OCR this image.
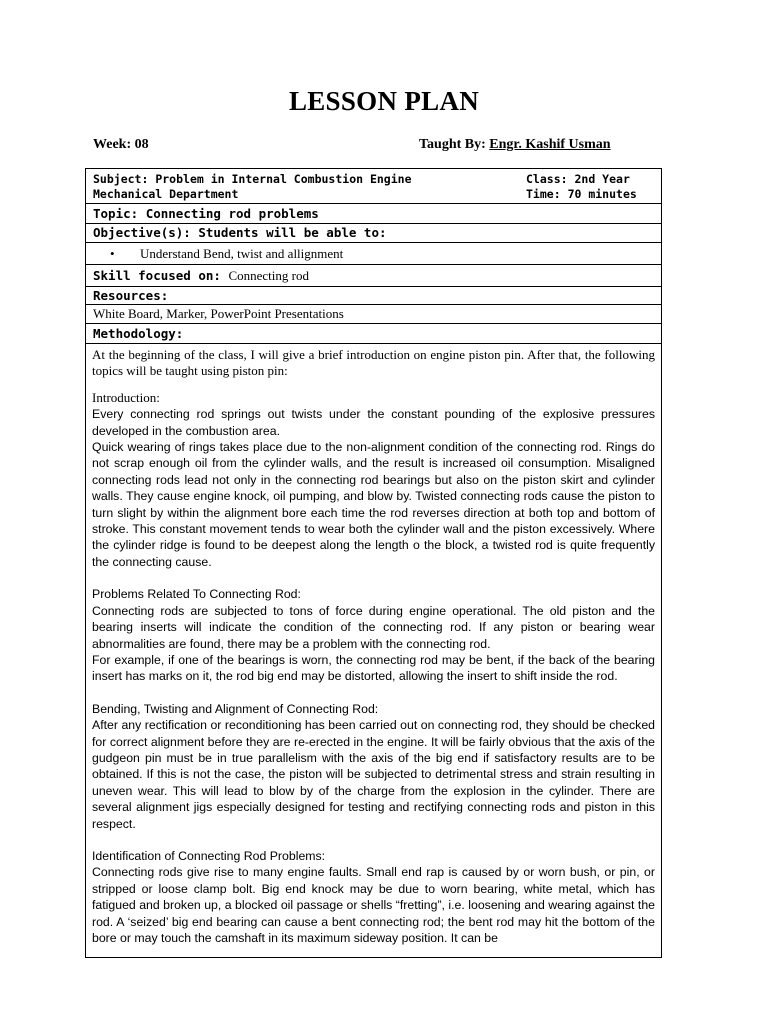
LESSON PLAN
Week: 08	Taught By: Engr. Kashif Usman
Subject: Problem in Internal Combustion Engine
Mechanical Department
Class: 2nd Year
Time: 70 minutes
Topic: Connecting rod problems
Objective(s): Students will be able to:
• Understand Bend, twist and allignment
Skill focused on: Connecting rod
Resources:
White Board, Marker, PowerPoint Presentations
Methodology:

At the beginning of the class, I will give a brief introduction on engine piston pin. After that, the following topics will be taught using piston pin:

Introduction:

Every connecting rod springs out twists under the constant pounding of the explosive pressures developed in the combustion area.

Quick wearing of rings takes place due to the non-alignment condition of the connecting rod. Rings do not scrap enough oil from the cylinder walls, and the result is increased oil consumption. Misaligned connecting rods lead not only in the connecting rod bearings but also on the piston skirt and cylinder walls. They cause engine knock, oil pumping, and blow by. Twisted connecting rods cause the piston to turn slight by within the alignment bore each time the rod reverses direction at both top and bottom of stroke. This constant movement tends to wear both the cylinder wall and the piston excessively. Where the cylinder ridge is found to be deepest along the length o the block, a twisted rod is quite frequently the connecting cause.

Problems Related To Connecting Rod:

Connecting rods are subjected to tons of force during engine operational. The old piston and the bearing inserts will indicate the condition of the connecting rod. If any piston or bearing wear abnormalities are found, there may be a problem with the connecting rod.

For example, if one of the bearings is worn, the connecting rod may be bent, if the back of the bearing insert has marks on it, the rod big end may be distorted, allowing the insert to shift inside the rod.

Bending, Twisting and Alignment of Connecting Rod:

After any rectification or reconditioning has been carried out on connecting rod, they should be checked for correct alignment before they are re-erected in the engine. It will be fairly obvious that the axis of the gudgeon pin must be in true parallelism with the axis of the big end if satisfactory results are to be obtained. If this is not the case, the piston will be subjected to detrimental stress and strain resulting in uneven wear. This will lead to blow by of the charge from the explosion in the cylinder. There are several alignment jigs especially designed for testing and rectifying connecting rods and piston in this respect.

Identification of Connecting Rod Problems:

Connecting rods give rise to many engine faults. Small end rap is caused by or worn bush, or pin, or stripped or loose clamp bolt. Big end knock may be due to worn bearing, white metal, which has fatigued and broken up, a blocked oil passage or shells “fretting”, i.e. loosening and wearing against the rod. A ‘seized’ big end bearing can cause a bent connecting rod; the bent rod may hit the bottom of the bore or may touch the camshaft in its maximum sideway position. It can be
